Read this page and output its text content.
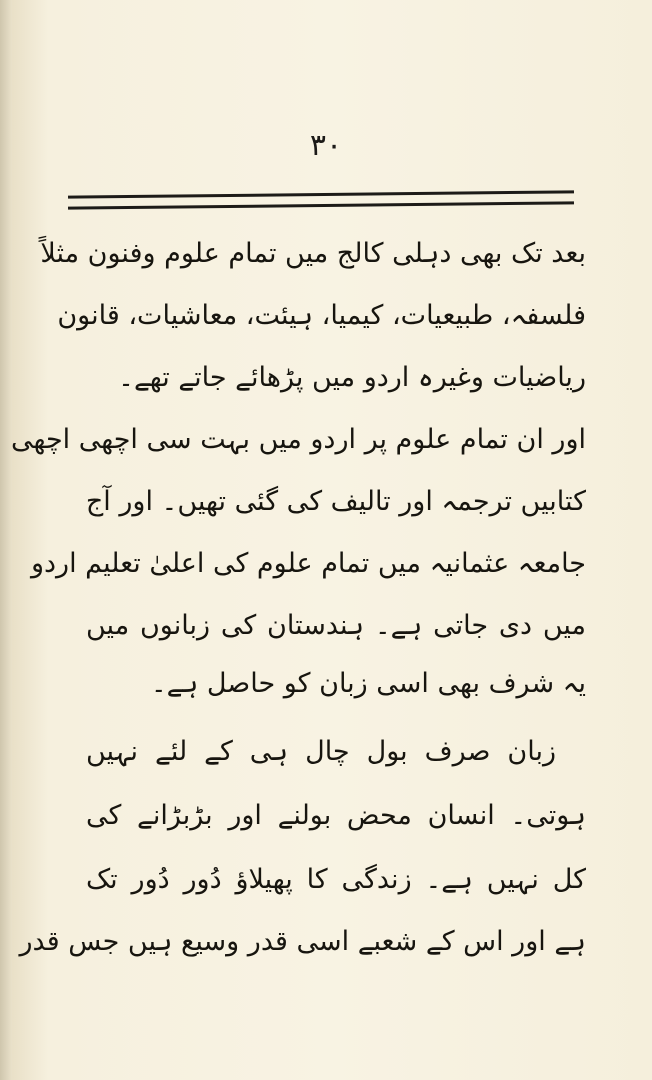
۳۰
بعد تک بھی دہلی کالج میں تمام علوم وفنون مثلاً
فلسفہ، طبیعیات، کیمیا، ہیئت، معاشیات، قانون
ریاضیات وغیرہ اردو میں پڑھائے جاتے تھے۔
اور ان تمام علوم پر اردو میں بہت سی اچھی اچھی
کتابیں ترجمہ اور تالیف کی گئی تھیں۔ اور آج
جامعہ عثمانیہ میں تمام علوم کی اعلیٰ تعلیم اردو
میں دی جاتی ہے۔ ہندستان کی زبانوں میں
یہ شرف بھی اسی زبان کو حاصل ہے۔
زبان صرف بول چال ہی کے لئے نہیں
ہوتی۔ انسان محض بولنے اور بڑبڑانے کی
کل نہیں ہے۔ زندگی کا پھیلاؤ دُور دُور تک
ہے اور اس کے شعبے اسی قدر وسیع ہیں جس قدر
